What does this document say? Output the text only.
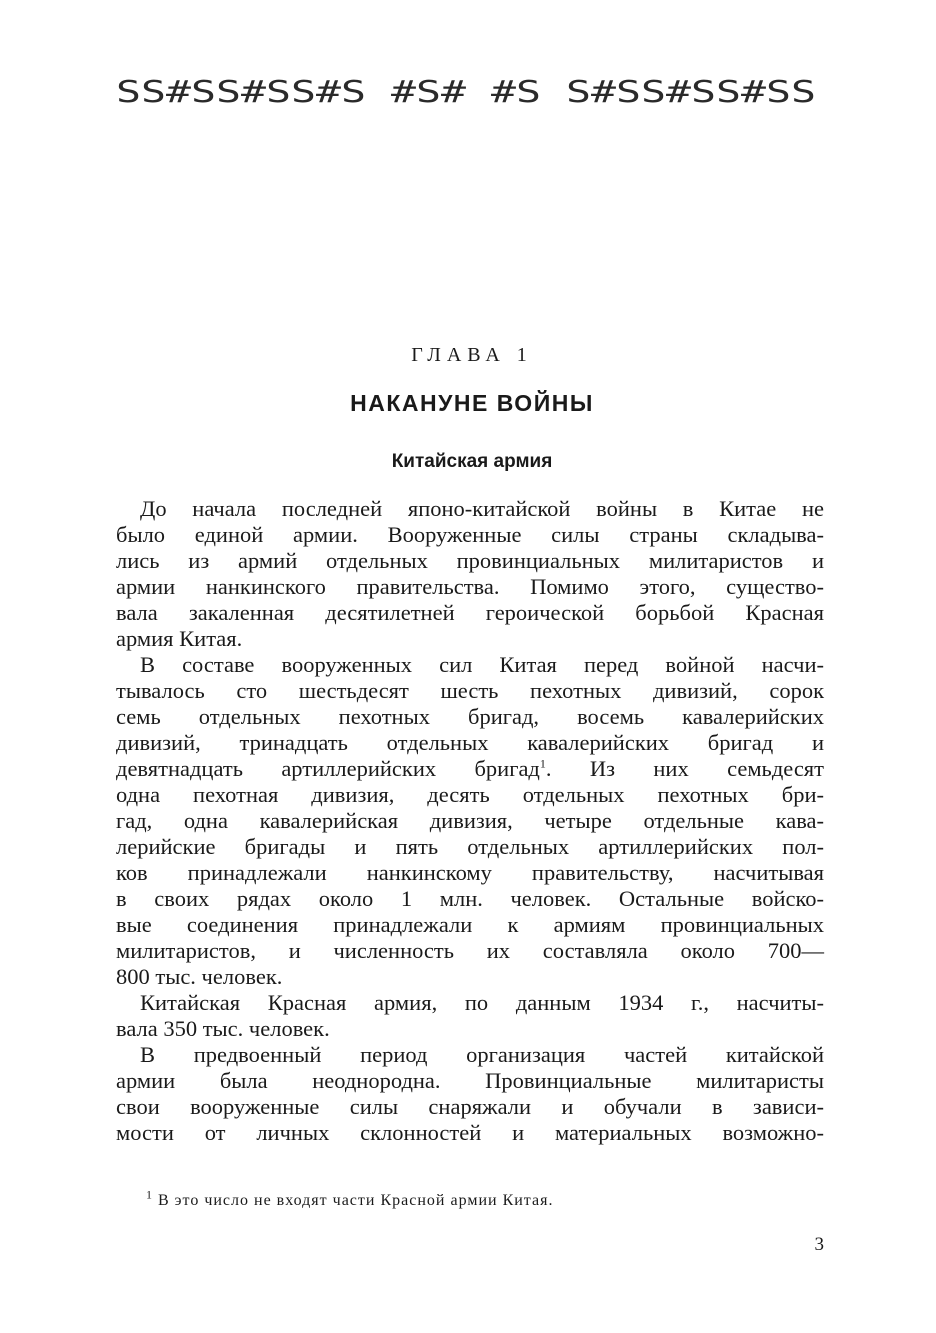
SS#SS#SS#S #S# #S S#SS#SS#SS
ГЛАВА 1
НАКАНУНЕ ВОЙНЫ
Китайская армия
До начала последней японо-китайской войны в Китае не
было единой армии. Вооруженные силы страны складыва-
лись из армий отдельных провинциальных милитаристов и
армии нанкинского правительства. Помимо этого, существо-
вала закаленная десятилетней героической борьбой Красная
армия Китая.
В составе вооруженных сил Китая перед войной насчи-
тывалось сто шестьдесят шесть пехотных дивизий, сорок
семь отдельных пехотных бригад, восемь кавалерийских
дивизий, тринадцать отдельных кавалерийских бригад и
девятнадцать артиллерийских бригад$^1$. Из них семьдесят
одна пехотная дивизия, десять отдельных пехотных бри-
гад, одна кавалерийская дивизия, четыре отдельные кава-
лерийские бригады и пять отдельных артиллерийских пол-
ков принадлежали нанкинскому правительству, насчитывая
в своих рядах около 1 млн. человек. Остальные войско-
вые соединения принадлежали к армиям провинциальных
милитаристов, и численность их составляла около 700—
800 тыс. человек.
Китайская Красная армия, по данным 1934 г., насчиты-
вала 350 тыс. человек.
В предвоенный период организация частей китайской
армии была неоднородна. Провинциальные милитаристы
свои вооруженные силы снаряжали и обучали в зависи-
мости от личных склонностей и материальных возможно-
$^1$ В это число не входят части Красной армии Китая.
3
